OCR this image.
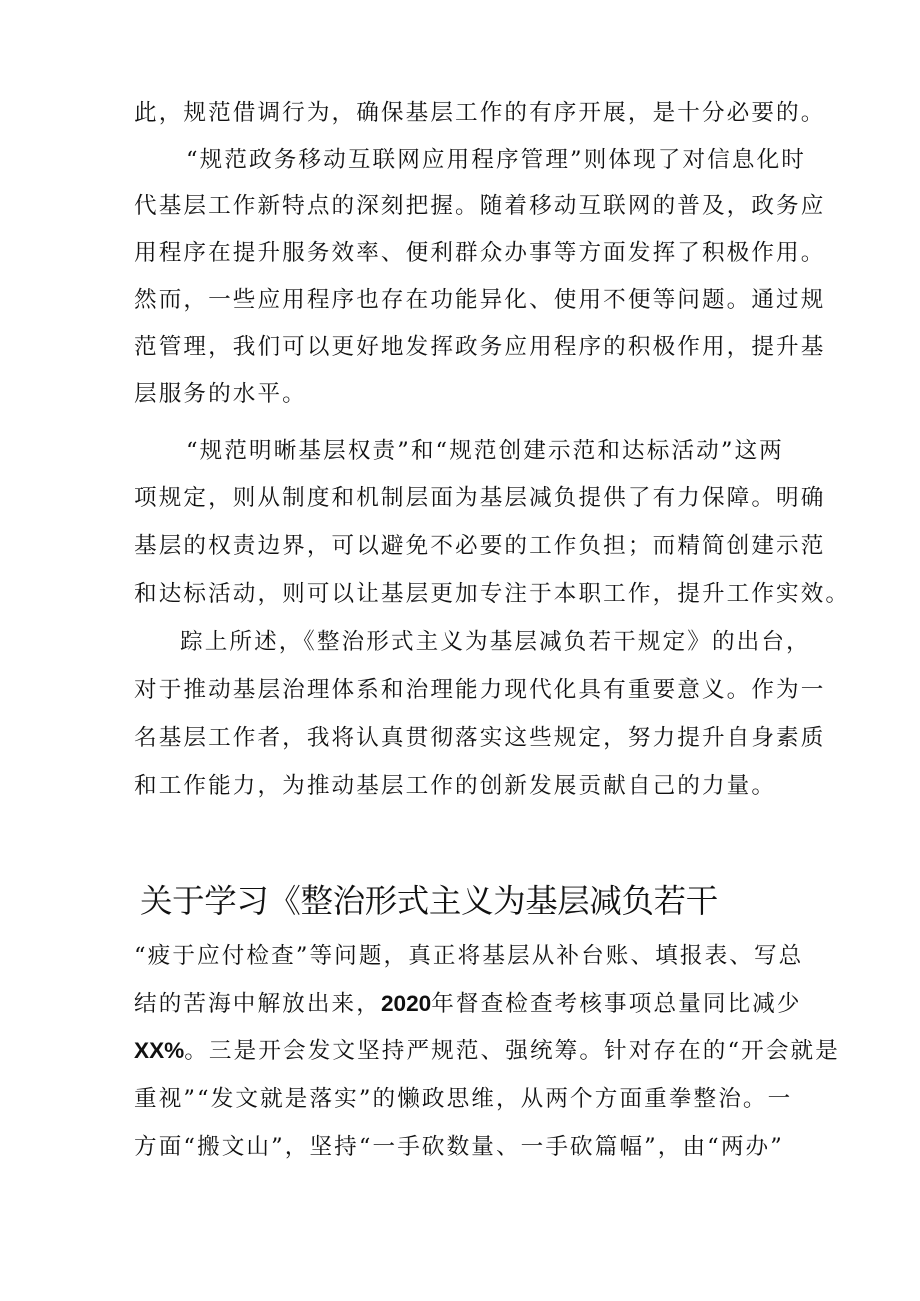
此，规范借调行为，确保基层工作的有序开展，是十分必要的。
“规范政务移动互联网应用程序管理”则体现了对信息化时
代基层工作新特点的深刻把握。随着移动互联网的普及，政务应
用程序在提升服务效率、便利群众办事等方面发挥了积极作用。
然而，一些应用程序也存在功能异化、使用不便等问题。通过规
范管理，我们可以更好地发挥政务应用程序的积极作用，提升基
层服务的水平。
“规范明晰基层权责”和“规范创建示范和达标活动”这两
项规定，则从制度和机制层面为基层减负提供了有力保障。明确
基层的权责边界，可以避免不必要的工作负担；而精简创建示范
和达标活动，则可以让基层更加专注于本职工作，提升工作实效。
踪上所述，《整治形式主义为基层减负若干规定》的出台，
对于推动基层治理体系和治理能力现代化具有重要意义。作为一
名基层工作者，我将认真贯彻落实这些规定，努力提升自身素质
和工作能力，为推动基层工作的创新发展贡献自己的力量。
关于学习《整治形式主义为基层减负若干
“疲于应付检查”等问题，真正将基层从补台账、填报表、写总
结的苦海中解放出来，2020年督查检查考核事项总量同比减少
XX%。三是开会发文坚持严规范、强统筹。针对存在的“开会就是
重视”“发文就是落实”的懒政思维，从两个方面重拳整治。一
方面“搬文山”，坚持“一手砍数量、一手砍篇幅”，由“两办”
